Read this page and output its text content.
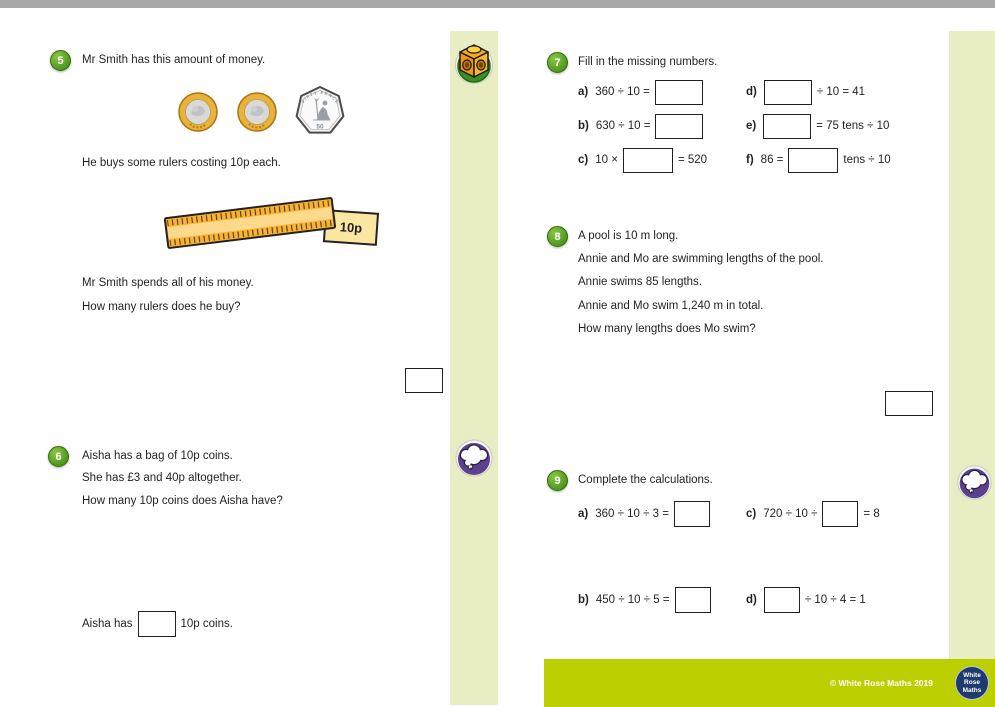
5	Mr Smith has this amount of money.
FIFTY PENCE
50
He buys some rulers costing 10p each.
10p
Mr Smith spends all of his money.
How many rulers does he buy?
6	Aisha has a bag of 10p coins.
She has £3 and 40p altogether.
How many 10p coins does Aisha have?
Aisha has	10p coins.
7	Fill in the missing numbers.
a) 360 ÷ 10 =
b) 630 ÷ 10 =
c) 10 ×	= 520
d)	÷ 10 = 41
e)	= 75 tens ÷ 10
f) 86 =	tens ÷ 10
8	A pool is 10 m long.
Annie and Mo are swimming lengths of the pool.
Annie swims 85 lengths.
Annie and Mo swim 1,240 m in total.
How many lengths does Mo swim?
9	Complete the calculations.
a) 360 ÷ 10 ÷ 3 =	c) 720 ÷ 10 ÷	= 8
b) 450 ÷ 10 ÷ 5 =	d)	÷ 10 ÷ 4 = 1
© White Rose Maths 2019
White
Rose
Maths
